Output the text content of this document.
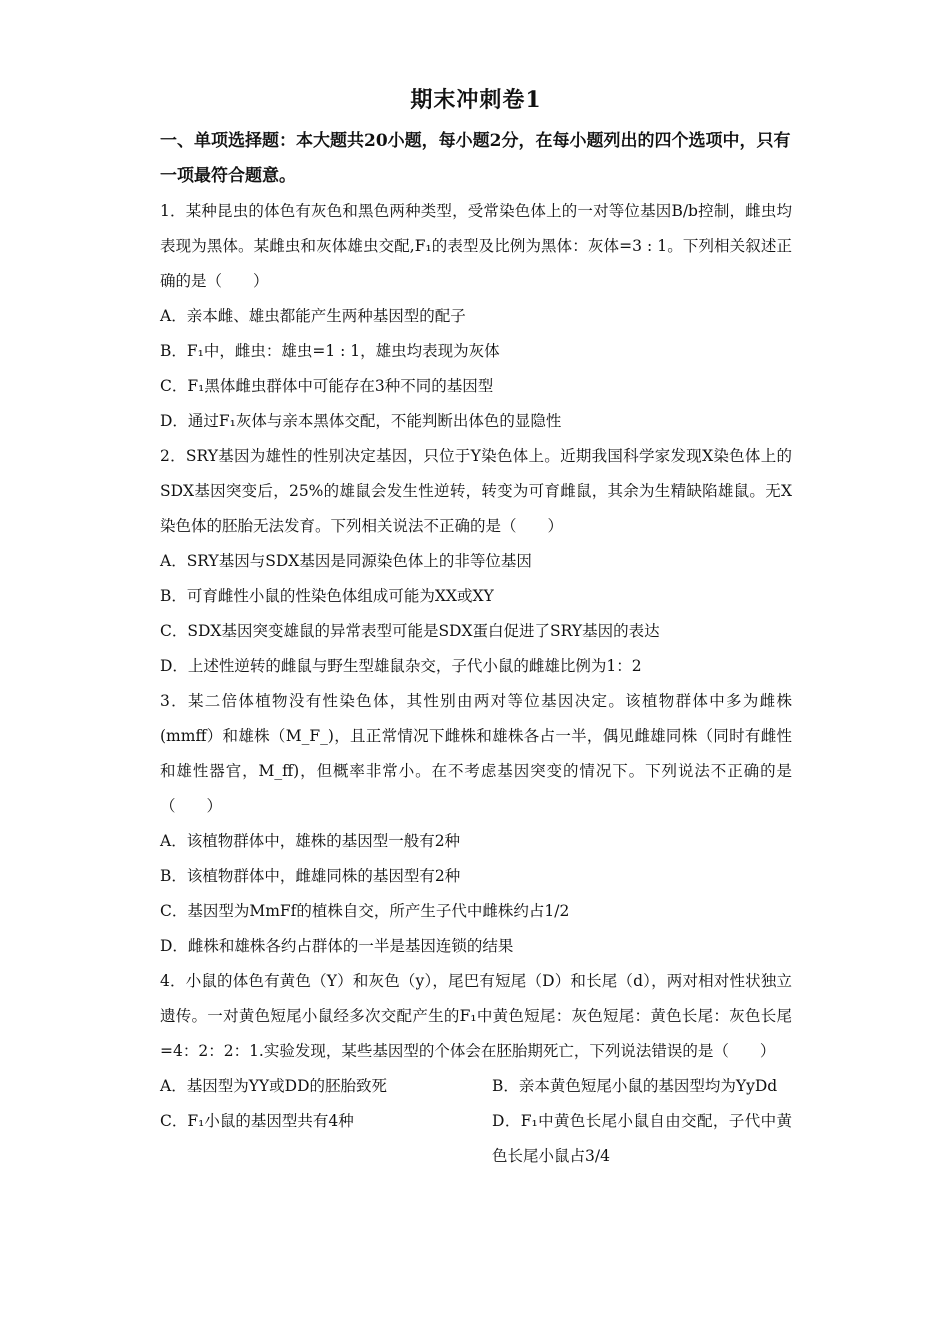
期末冲刺卷1

一、单项选择题：本大题共20小题，每小题2分，在每小题列出的四个选项中，只有一项最符合题意。

1．某种昆虫的体色有灰色和黑色两种类型，受常染色体上的一对等位基因B/b控制，雌虫均表现为黑体。某雌虫和灰体雄虫交配,F₁的表型及比例为黑体：灰体=3 : 1。下列相关叙述正确的是（　　）

A．亲本雌、雄虫都能产生两种基因型的配子

B．F₁中，雌虫：雄虫=1 : 1，雄虫均表现为灰体

C．F₁黑体雌虫群体中可能存在3种不同的基因型

D．通过F₁灰体与亲本黑体交配，不能判断出体色的显隐性

2．SRY基因为雄性的性别决定基因，只位于Y染色体上。近期我国科学家发现X染色体上的SDX基因突变后，25%的雄鼠会发生性逆转，转变为可育雌鼠，其余为生精缺陷雄鼠。无X染色体的胚胎无法发育。下列相关说法不正确的是（　　）

A．SRY基因与SDX基因是同源染色体上的非等位基因

B．可育雌性小鼠的性染色体组成可能为XX或XY

C．SDX基因突变雄鼠的异常表型可能是SDX蛋白促进了SRY基因的表达

D．上述性逆转的雌鼠与野生型雄鼠杂交，子代小鼠的雌雄比例为1：2

3．某二倍体植物没有性染色体，其性别由两对等位基因决定。该植物群体中多为雌株(mmff）和雄株（M_F_)，且正常情况下雌株和雄株各占一半，偶见雌雄同株（同时有雌性和雄性器官，M_ff)，但概率非常小。在不考虑基因突变的情况下。下列说法不正确的是（　　）

A．该植物群体中，雄株的基因型一般有2种

B．该植物群体中，雌雄同株的基因型有2种

C．基因型为MmFf的植株自交，所产生子代中雌株约占1/2

D．雌株和雄株各约占群体的一半是基因连锁的结果

4．小鼠的体色有黄色（Y）和灰色（y），尾巴有短尾（D）和长尾（d），两对相对性状独立遗传。一对黄色短尾小鼠经多次交配产生的F₁中黄色短尾：灰色短尾：黄色长尾：灰色长尾=4：2：2：1.实验发现，某些基因型的个体会在胚胎期死亡，下列说法错误的是（　　）

A．基因型为YY或DD的胚胎致死	B．亲本黄色短尾小鼠的基因型均为YyDd

C．F₁小鼠的基因型共有4种	D．F₁中黄色长尾小鼠自由交配，子代中黄色长尾小鼠占3/4
